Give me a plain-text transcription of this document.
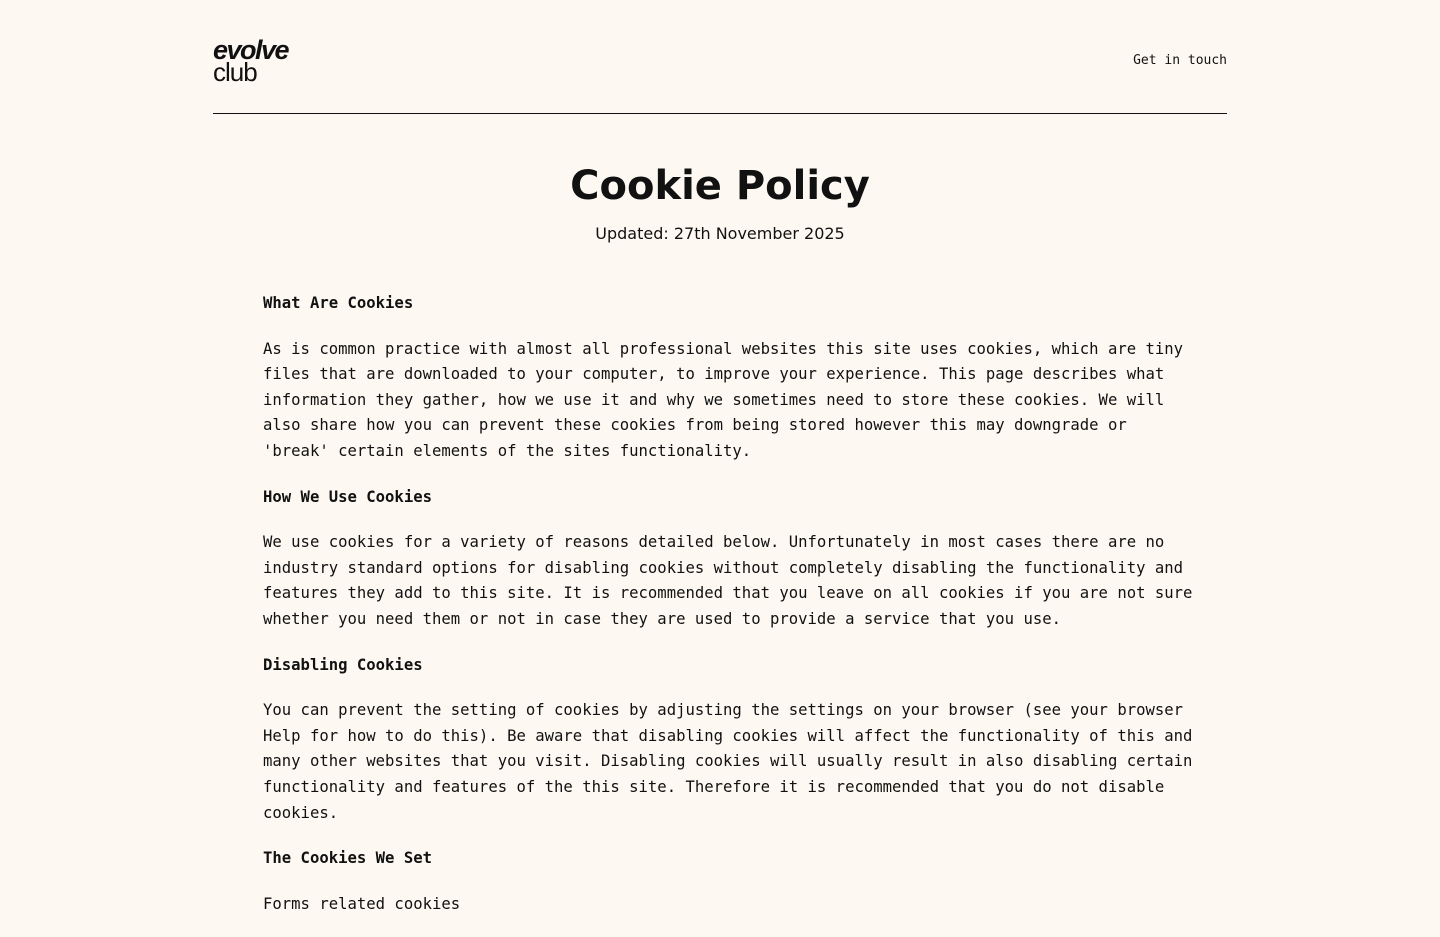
evolve
club	Get in touch
Cookie Policy
Updated: 27th November 2025
What Are Cookies

As is common practice with almost all professional websites this site uses cookies, which are tiny files that are downloaded to your computer, to improve your experience. This page describes what information they gather, how we use it and why we sometimes need to store these cookies. We will also share how you can prevent these cookies from being stored however this may downgrade or 'break' certain elements of the sites functionality.

How We Use Cookies

We use cookies for a variety of reasons detailed below. Unfortunately in most cases there are no industry standard options for disabling cookies without completely disabling the functionality and features they add to this site. It is recommended that you leave on all cookies if you are not sure whether you need them or not in case they are used to provide a service that you use.

Disabling Cookies

You can prevent the setting of cookies by adjusting the settings on your browser (see your browser Help for how to do this). Be aware that disabling cookies will affect the functionality of this and many other websites that you visit. Disabling cookies will usually result in also disabling certain functionality and features of the this site. Therefore it is recommended that you do not disable cookies.

The Cookies We Set

Forms related cookies
